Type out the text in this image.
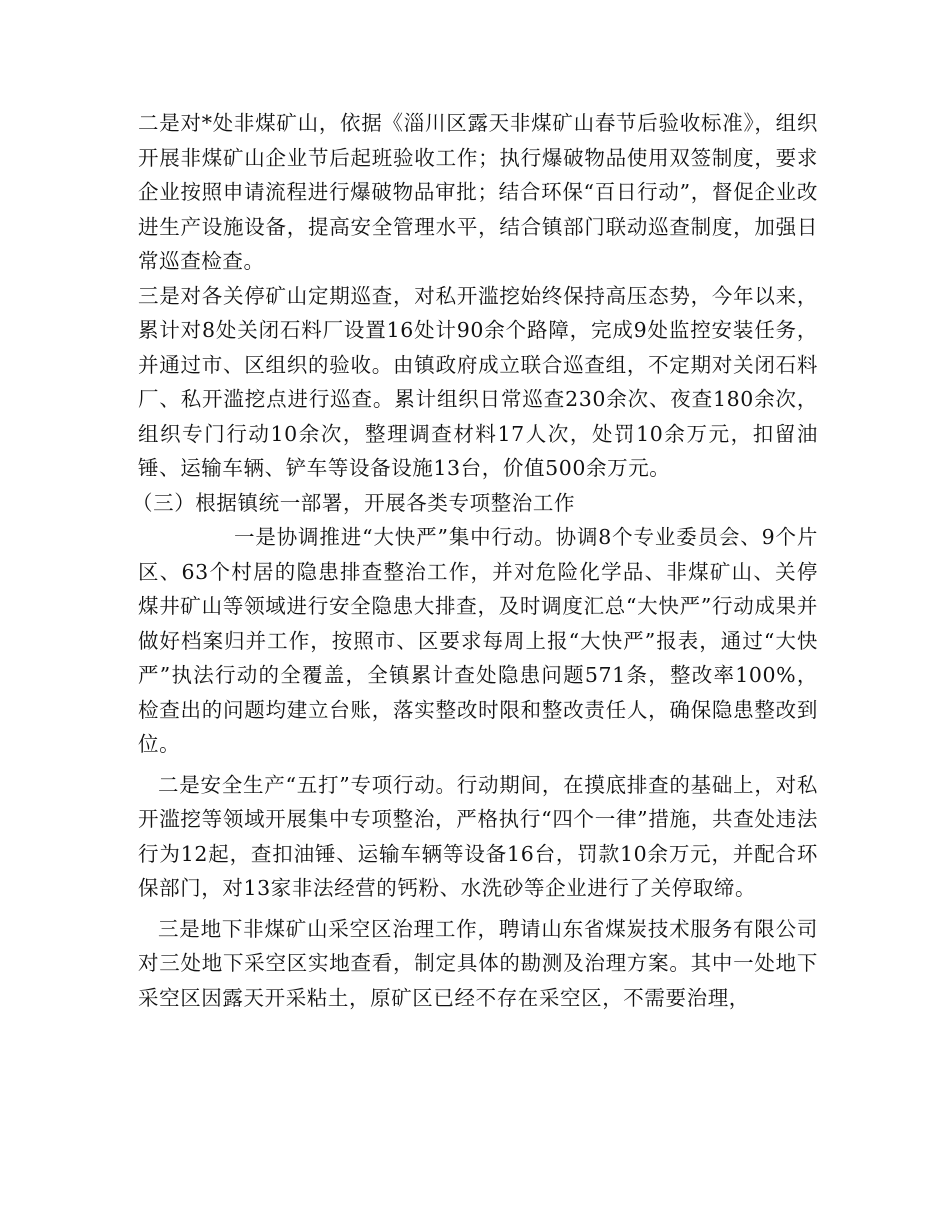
二是对*处非煤矿山，依据《淄川区露天非煤矿山春节后验收标准》，组织开展非煤矿山企业节后起班验收工作；执行爆破物品使用双签制度，要求企业按照申请流程进行爆破物品审批；结合环保“百日行动”，督促企业改进生产设施设备，提高安全管理水平，结合镇部门联动巡查制度，加强日常巡查检查。

三是对各关停矿山定期巡查，对私开滥挖始终保持高压态势，今年以来，累计对8处关闭石料厂设置16处计90余个路障，完成9处监控安装任务，并通过市、区组织的验收。由镇政府成立联合巡查组，不定期对关闭石料厂、私开滥挖点进行巡查。累计组织日常巡查230余次、夜查180余次，组织专门行动10余次，整理调查材料17人次，处罚10余万元，扣留油锤、运输车辆、铲车等设备设施13台，价值500余万元。

（三）根据镇统一部署，开展各类专项整治工作

一是协调推进“大快严”集中行动。协调8个专业委员会、9个片区、63个村居的隐患排查整治工作，并对危险化学品、非煤矿山、关停煤井矿山等领域进行安全隐患大排查，及时调度汇总“大快严”行动成果并做好档案归并工作，按照市、区要求每周上报“大快严”报表，通过“大快严”执法行动的全覆盖，全镇累计查处隐患问题571条，整改率100%，检查出的问题均建立台账，落实整改时限和整改责任人，确保隐患整改到位。

二是安全生产“五打”专项行动。行动期间，在摸底排查的基础上，对私开滥挖等领域开展集中专项整治，严格执行“四个一律”措施，共查处违法行为12起，查扣油锤、运输车辆等设备16台，罚款10余万元，并配合环保部门，对13家非法经营的钙粉、水洗砂等企业进行了关停取缔。

三是地下非煤矿山采空区治理工作，聘请山东省煤炭技术服务有限公司对三处地下采空区实地查看，制定具体的勘测及治理方案。其中一处地下采空区因露天开采粘土，原矿区已经不存在采空区，不需要治理，
